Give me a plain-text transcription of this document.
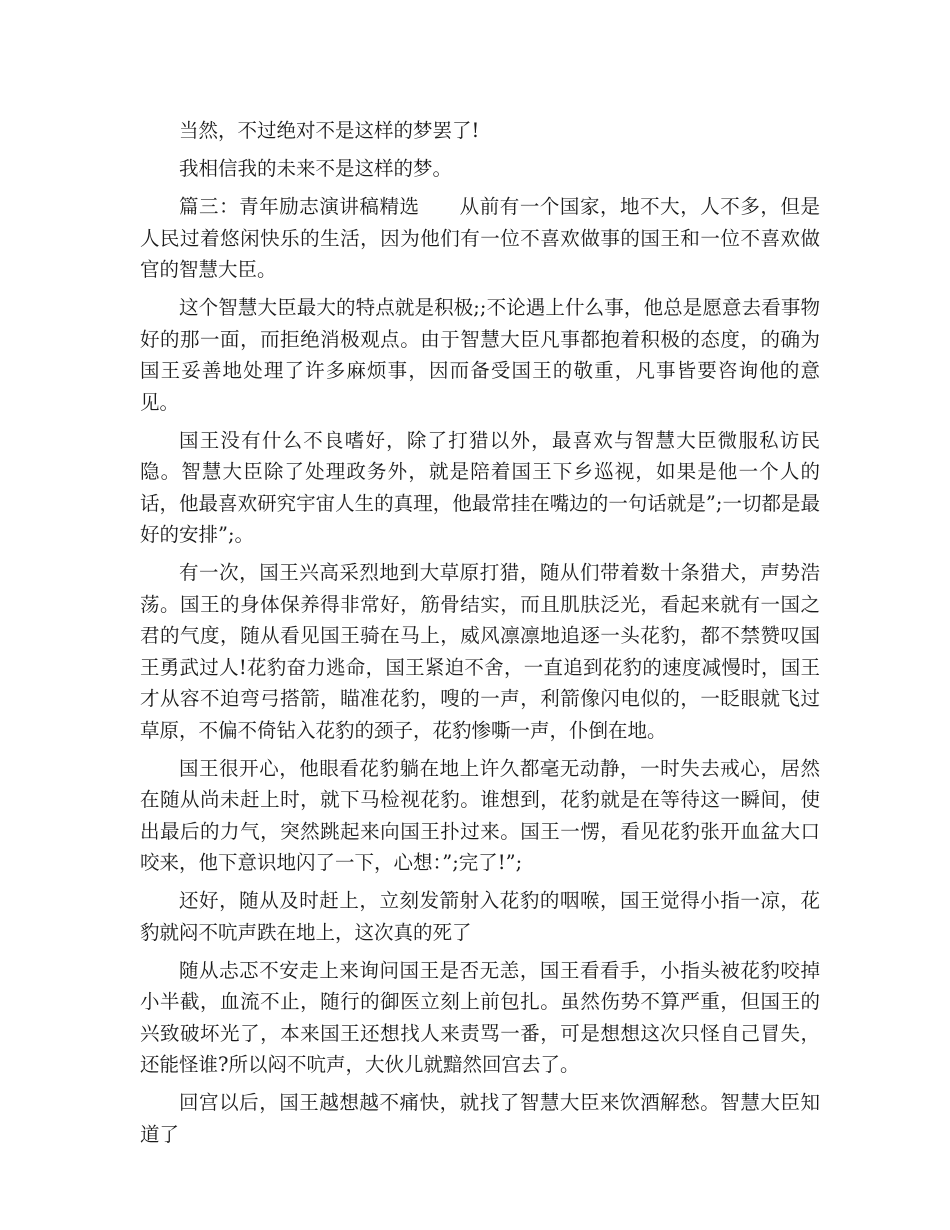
当然，不过绝对不是这样的梦罢了!

我相信我的未来不是这样的梦。

篇三：青年励志演讲稿精选　　从前有一个国家，地不大，人不多，但是人民过着悠闲快乐的生活，因为他们有一位不喜欢做事的国王和一位不喜欢做官的智慧大臣。

这个智慧大臣最大的特点就是积极;;不论遇上什么事，他总是愿意去看事物好的那一面，而拒绝消极观点。由于智慧大臣凡事都抱着积极的态度，的确为国王妥善地处理了许多麻烦事，因而备受国王的敬重，凡事皆要咨询他的意见。

国王没有什么不良嗜好，除了打猎以外，最喜欢与智慧大臣微服私访民隐。智慧大臣除了处理政务外，就是陪着国王下乡巡视，如果是他一个人的话，他最喜欢研究宇宙人生的真理，他最常挂在嘴边的一句话就是”;一切都是最好的安排”;。

有一次，国王兴高采烈地到大草原打猎，随从们带着数十条猎犬，声势浩荡。国王的身体保养得非常好，筋骨结实，而且肌肤泛光，看起来就有一国之君的气度，随从看见国王骑在马上，威风凛凛地追逐一头花豹，都不禁赞叹国王勇武过人!花豹奋力逃命，国王紧迫不舍，一直追到花豹的速度减慢时，国王才从容不迫弯弓搭箭，瞄准花豹，嗖的一声，利箭像闪电似的，一眨眼就飞过草原，不偏不倚钻入花豹的颈子，花豹惨嘶一声，仆倒在地。

国王很开心，他眼看花豹躺在地上许久都毫无动静，一时失去戒心，居然在随从尚未赶上时，就下马检视花豹。谁想到，花豹就是在等待这一瞬间，使出最后的力气，突然跳起来向国王扑过来。国王一愣，看见花豹张开血盆大口咬来，他下意识地闪了一下，心想：”;完了!”;

还好，随从及时赶上，立刻发箭射入花豹的咽喉，国王觉得小指一凉，花豹就闷不吭声跌在地上，这次真的死了

随从忐忑不安走上来询问国王是否无恙，国王看看手，小指头被花豹咬掉小半截，血流不止，随行的御医立刻上前包扎。虽然伤势不算严重，但国王的兴致破坏光了，本来国王还想找人来责骂一番，可是想想这次只怪自己冒失，还能怪谁?所以闷不吭声，大伙儿就黯然回宫去了。

回宫以后，国王越想越不痛快，就找了智慧大臣来饮酒解愁。智慧大臣知道了
